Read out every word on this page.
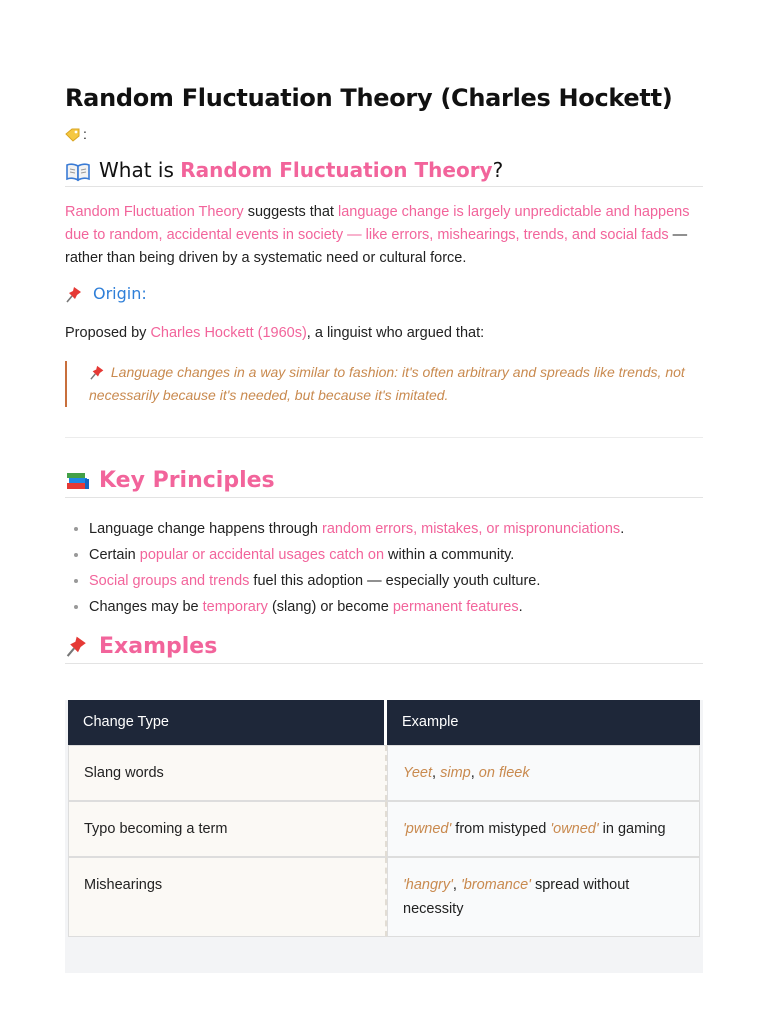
Random Fluctuation Theory (Charles Hockett)
:
What is Random Fluctuation Theory?

Random Fluctuation Theory suggests that language change is largely unpredictable and happens due to random, accidental events in society — like errors, mishearings, trends, and social fads — rather than being driven by a systematic need or cultural force.

Origin:

Proposed by Charles Hockett (1960s), a linguist who argued that:

Language changes in a way similar to fashion: it's often arbitrary and spreads like trends, not necessarily because it's needed, but because it's imitated.
Key Principles
• Language change happens through random errors, mistakes, or mispronunciations.
• Certain popular or accidental usages catch on within a community.
• Social groups and trends fuel this adoption — especially youth culture.
• Changes may be temporary (slang) or become permanent features.
Examples
Change Type	Example
Slang words	Yeet, simp, on fleek
Typo becoming a term	'pwned' from mistyped 'owned' in gaming
Mishearings	'hangry', 'bromance' spread without necessity
